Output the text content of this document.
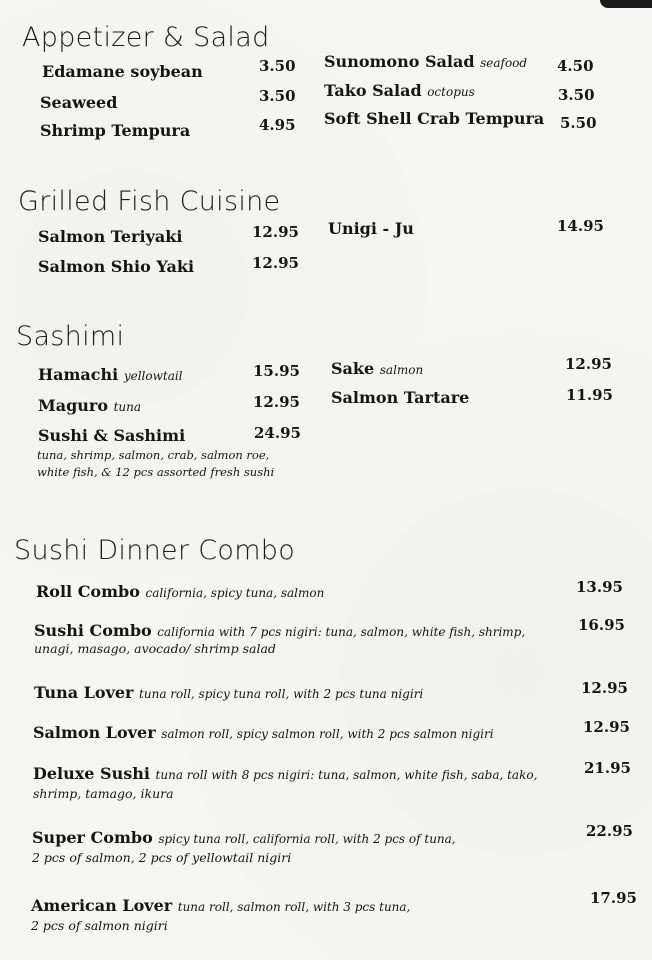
Appetizer & Salad
Edamane soybean	3.50
Seaweed	3.50
Shrimp Tempura	4.95
Sunomono Salad seafood 4.50
Tako Salad octopus	3.50
Soft Shell Crab Tempura 5.50
Grilled Fish Cuisine
Salmon Teriyaki	12.95
Salmon Shio Yaki	12.95
Unigi - Ju	14.95
Sashimi
Hamachi yellowtail	15.95
Maguro tuna	12.95
Sushi & Sashimi	24.95
tuna, shrimp, salmon, crab, salmon roe,
white fish, & 12 pcs assorted fresh sushi
Sake salmon	12.95
Salmon Tartare	11.95
Sushi Dinner Combo
Roll Combo california, spicy tuna, salmon	13.95
Sushi Combo california with 7 pcs nigiri: tuna, salmon, white fish, shrimp,
unagi, masago, avocado/ shrimp salad
16.95
Tuna Lover tuna roll, spicy tuna roll, with 2 pcs tuna nigiri	12.95
Salmon Lover salmon roll, spicy salmon roll, with 2 pcs salmon nigiri	12.95
Deluxe Sushi tuna roll with 8 pcs nigiri: tuna, salmon, white fish, saba, tako,
shrimp, tamago, ikura
21.95
Super Combo spicy tuna roll, california roll, with 2 pcs of tuna,
2 pcs of salmon, 2 pcs of yellowtail nigiri
22.95
American Lover tuna roll, salmon roll, with 3 pcs tuna,
2 pcs of salmon nigiri
17.95
